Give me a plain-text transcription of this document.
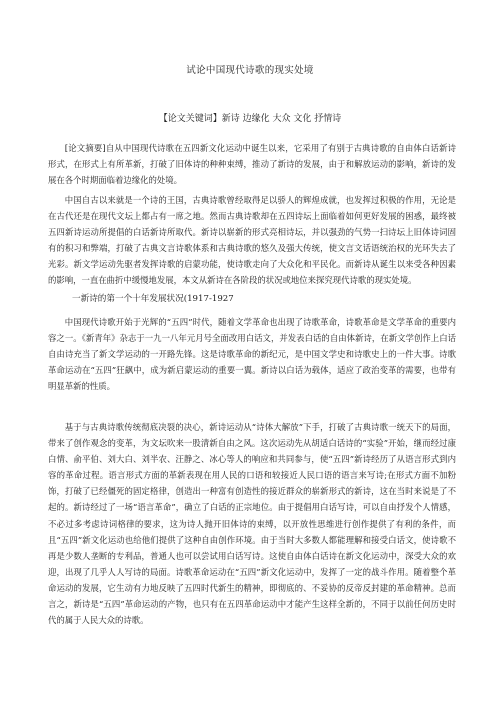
试论中国现代诗歌的现实处境
【论文关键词】新诗 边缘化 大众 文化 抒情诗

[论文摘要]自从中国现代诗歌在五四新文化运动中诞生以来，它采用了有别于古典诗歌的自由体白话新诗形式，在形式上有所革新，打破了旧体诗的种种束缚，推动了新诗的发展，由于和解放运动的影响，新诗的发展在各个时期面临着边缘化的处境。

中国自古以来就是一个诗的王国，古典诗歌曾经取得足以骄人的辉煌成就，也发挥过积极的作用，无论是在古代还是在现代文坛上都占有一席之地。然而古典诗歌却在五四诗坛上面临着如何更好发展的困惑，最终被五四新诗运动所提倡的白话新诗所取代。新诗以崭新的形式亮相诗坛，并以强劲的气势一扫诗坛上旧体诗词固有的积习和弊端，打破了古典文言诗歌体系和古典诗歌的悠久及强大传统，使文言文话语统治权的光环失去了光彩。新文学运动先驱者发挥诗歌的启蒙功能，使诗歌走向了大众化和平民化。而新诗从诞生以来受各种因素的影响，一直在曲折中缓慢地发展，本文从新诗在各阶段的状况或地位来探究现代诗歌的现实处境。

一新诗的第一个十年发展状况(1917-1927

中国现代诗歌开始于光辉的“五四”时代，随着文学革命也出现了诗歌革命，诗歌革命是文学革命的重要内容之一。《新青年》杂志于一九一八年元月号全面改用白话文，并发表白话的自由体新诗，在新文学创作上白话自由诗充当了新文学运动的一开路先锋。这是诗歌革命的新纪元，是中国文学史和诗歌史上的一件大事。诗歌革命运动在“五四”狂飙中，成为新启蒙运动的重要一翼。新诗以白话为载体，适应了政治变革的需要，也带有明显革新的性质。

基于与古典诗歌传统彻底决裂的决心，新诗运动从“诗体大解放”下手，打破了古典诗歌一统天下的局面，带来了创作观念的变革，为文坛吹来一股清新自由之风。这次运动先从胡适白话诗的“实验”开始，继而经过康白情、俞平伯、刘大白、刘半农、汪静之、冰心等人的响应和共同参与，使“五四”新诗经历了从语言形式到内容的革命过程。语言形式方面的革新表现在用人民的口语和较接近人民口语的语言来写诗;在形式方面不加粉饰，打破了已经僵死的固定格律，创造出一种富有创造性的接近群众的崭新形式的新诗，这在当时来说是了不起的。新诗经过了一场“语言革命”，确立了白话的正宗地位。由于提倡用白话写诗，可以自由抒发个人情感，不必过多考虑诗词格律的要求，这为诗人抛开旧体诗的束缚，以开放性思维进行创作提供了有利的条件，而且“五四”新文化运动也给他们提供了这种自由创作环境。由于当时大多数人都能理解和接受白话文，使诗歌不再是少数人垄断的专利品，普通人也可以尝试用白话写诗。这使自由体白话诗在新文化运动中，深受大众的欢迎，出现了几乎人人写诗的局面。诗歌革命运动在“五四”新文化运动中，发挥了一定的战斗作用。随着整个革命运动的发展，它生动有力地反映了五四时代新生的精神，即彻底的、不妥协的反帝反封建的革命精神。总而言之，新诗是“五四”革命运动的产物，也只有在五四革命运动中才能产生这样全新的，不同于以前任何历史时代的属于人民大众的诗歌。
